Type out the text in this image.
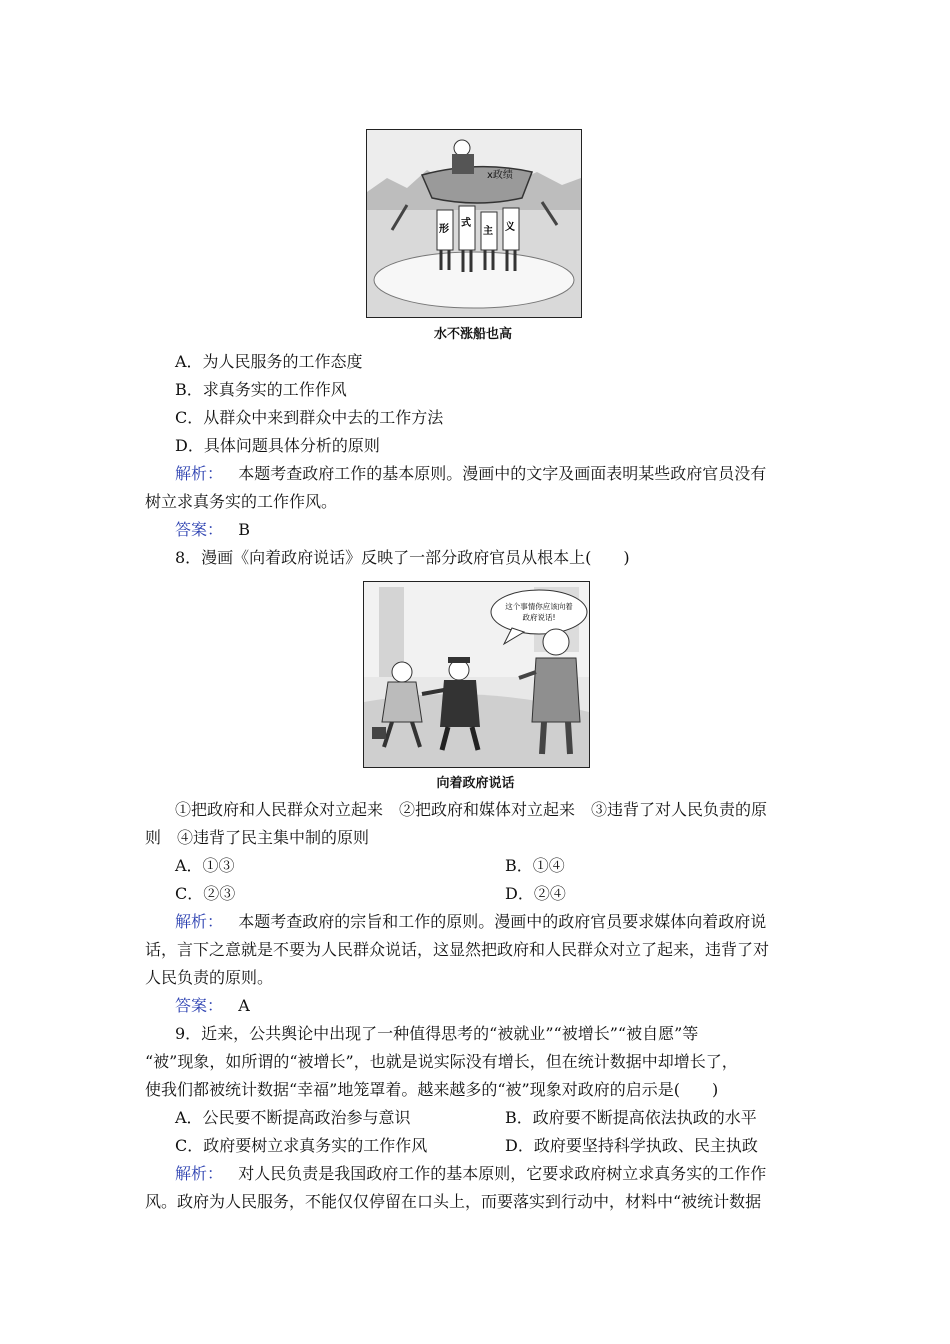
x政绩
形
式
主 义
水不涨船也高
A．为人民服务的工作态度
B．求真务实的工作作风
C．从群众中来到群众中去的工作方法
D．具体问题具体分析的原则
解析： 本题考查政府工作的基本原则。漫画中的文字及画面表明某些政府官员没有
树立求真务实的工作作风。
答案： B
8．漫画《向着政府说话》反映了一部分政府官员从根本上(　　)
这个事情你应该向着
政府说话!
向着政府说话
①把政府和人民群众对立起来　②把政府和媒体对立起来　③违背了对人民负责的原
则　④违背了民主集中制的原则
A．①③	B．①④
C．②③	D．②④
解析： 本题考查政府的宗旨和工作的原则。漫画中的政府官员要求媒体向着政府说
话，言下之意就是不要为人民群众说话，这显然把政府和人民群众对立了起来，违背了对
人民负责的原则。
答案： A
9．近来，公共舆论中出现了一种值得思考的“被就业”“被增长”“被自愿”等
“被”现象，如所谓的“被增长”，也就是说实际没有增长，但在统计数据中却增长了，
使我们都被统计数据“幸福”地笼罩着。越来越多的“被”现象对政府的启示是(　　)
A．公民要不断提高政治参与意识	B．政府要不断提高依法执政的水平
C．政府要树立求真务实的工作作风	D．政府要坚持科学执政、民主执政
解析： 对人民负责是我国政府工作的基本原则，它要求政府树立求真务实的工作作
风。政府为人民服务，不能仅仅停留在口头上，而要落实到行动中，材料中“被统计数据
